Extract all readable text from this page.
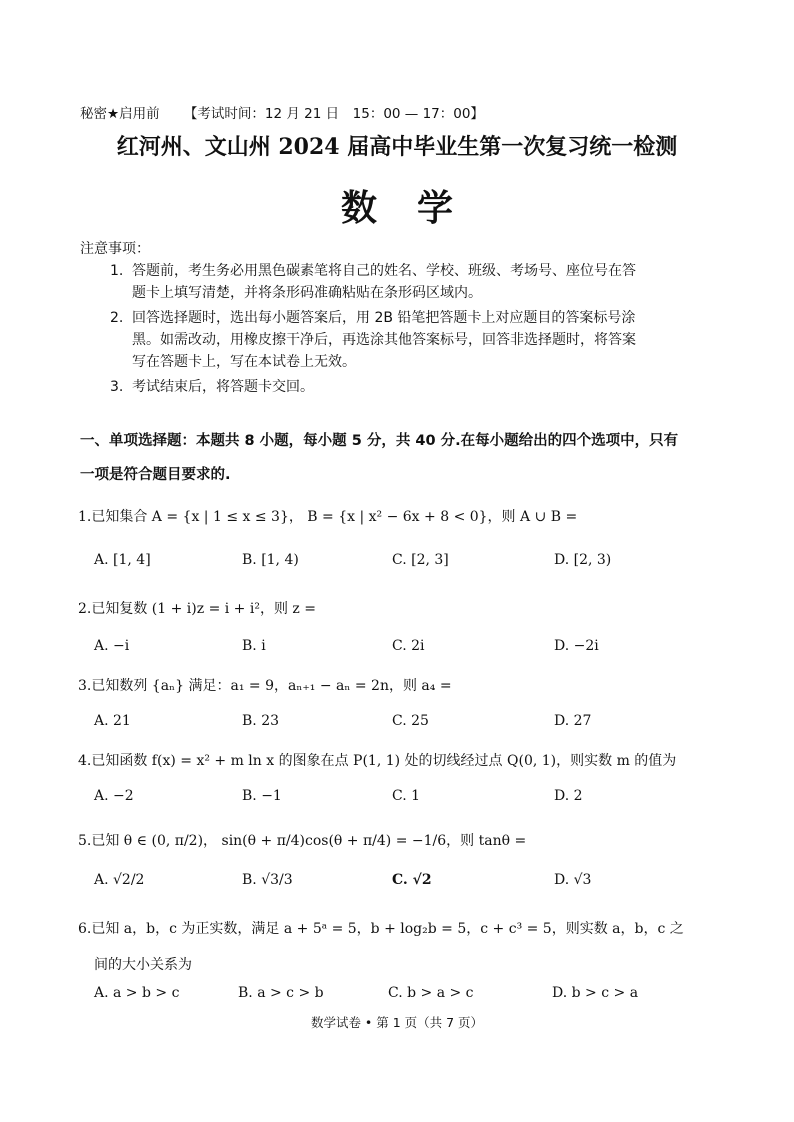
秘密★启用前 【考试时间：12 月 21 日　15：00 — 17：00】
红河州、文山州 2024 届高中毕业生第一次复习统一检测
数学
注意事项：
1. 答题前，考生务必用黑色碳素笔将自己的姓名、学校、班级、考场号、座位号在答
题卡上填写清楚，并将条形码准确粘贴在条形码区域内。
2. 回答选择题时，选出每小题答案后，用 2B 铅笔把答题卡上对应题目的答案标号涂
黑。如需改动，用橡皮擦干净后，再选涂其他答案标号，回答非选择题时，将答案
写在答题卡上，写在本试卷上无效。
3. 考试结束后，将答题卡交回。
一、单项选择题：本题共 8 小题，每小题 5 分，共 40 分.在每小题给出的四个选项中，只有
一项是符合题目要求的.
1.已知集合 A = {x | 1 ≤ x ≤ 3}， B = {x | x² − 6x + 8 < 0}，则 A ∪ B =
A. [1, 4]	B. [1, 4)	C. [2, 3]	D. [2, 3)
2.已知复数 (1 + i)z = i + i²，则 z =
A. −i	B. i	C. 2i	D. −2i
3.已知数列 {aₙ} 满足：a₁ = 9，aₙ₊₁ − aₙ = 2n，则 a₄ =
A. 21	B. 23	C. 25	D. 27
4.已知函数 f(x) = x² + m ln x 的图象在点 P(1, 1) 处的切线经过点 Q(0, 1)，则实数 m 的值为
A. −2	B. −1	C. 1	D. 2
5.已知 θ ∈ (0, π/2)， sin(θ + π/4)cos(θ + π/4) = −1/6，则 tanθ =
A. √2/2	B. √3/3	C. √2	D. √3
6.已知 a，b，c 为正实数，满足 a + 5ᵃ = 5，b + log₂b = 5，c + c³ = 5，则实数 a，b，c 之
间的大小关系为
A. a > b > c	B. a > c > b	C. b > a > c	D. b > c > a
数学试卷 • 第 1 页（共 7 页）
